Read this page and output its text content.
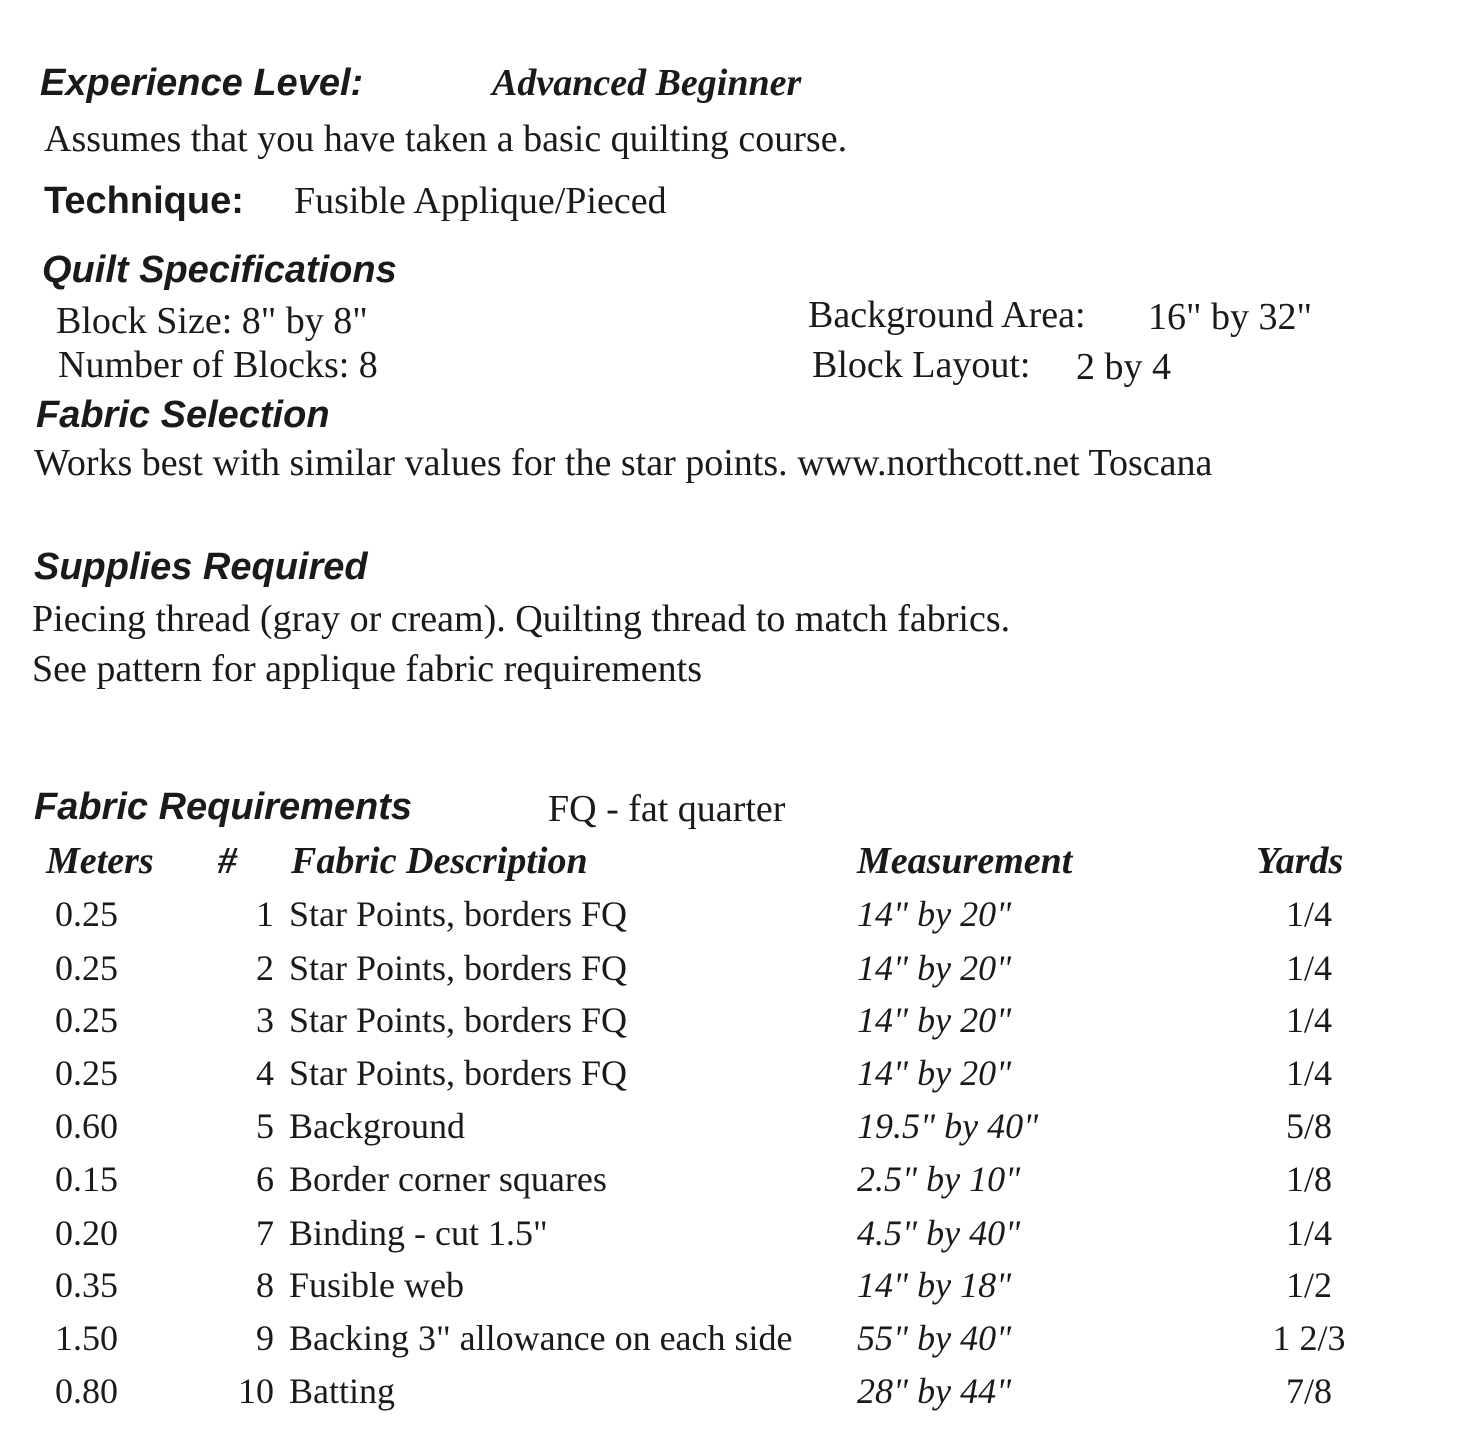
Experience Level:	Advanced Beginner
Assumes that you have taken a basic quilting course.
Technique: Fusible Applique/Pieced
Quilt Specifications
Block Size: 8" by 8"
Number of Blocks: 8
Background Area: 16" by 32"
Block Layout: 2 by 4
Fabric Selection
Works best with similar values for the star points. www.northcott.net Toscana
Supplies Required
Piecing thread (gray or cream). Quilting thread to match fabrics.
See pattern for applique fabric requirements
Fabric Requirements	FQ - fat quarter
Meters # Fabric Description	Measurement	Yards
0.25	1 Star Points, borders FQ	14" by 20"	1/4
0.25	2 Star Points, borders FQ	14" by 20"	1/4
0.25	3 Star Points, borders FQ	14" by 20"	1/4
0.25	4 Star Points, borders FQ	14" by 20"	1/4
0.60	5 Background	19.5" by 40"	5/8
0.15	6 Border corner squares	2.5" by 10"	1/8
0.20	7 Binding - cut 1.5"	4.5" by 40"	1/4
0.35	8 Fusible web	14" by 18"	1/2
1.50	9 Backing 3" allowance on each side 55" by 40"	1 2/3
0.80	10 Batting	28" by 44"	7/8
